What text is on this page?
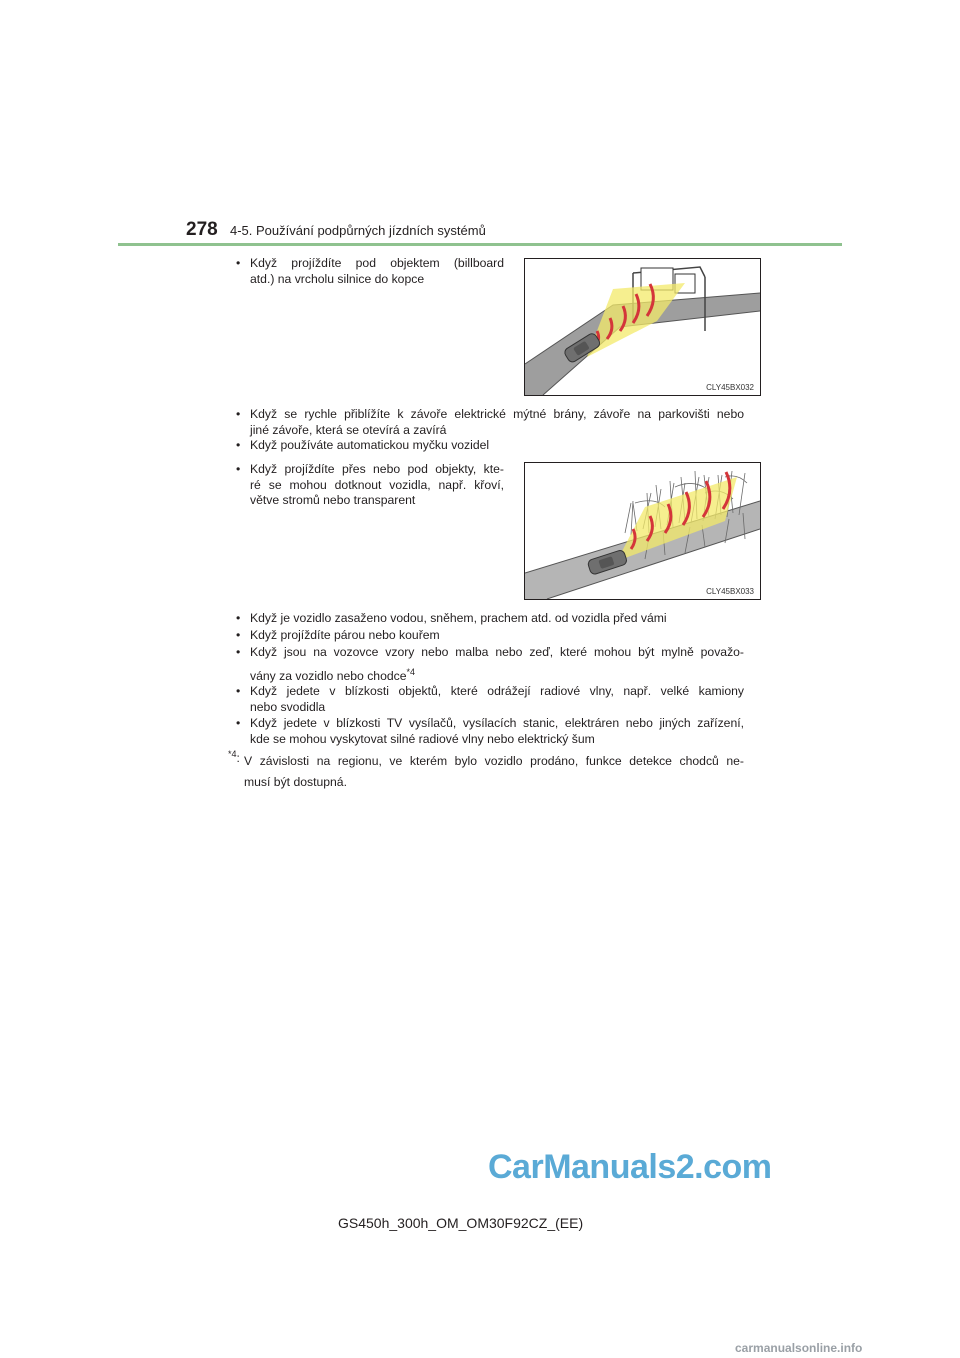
278 4-5. Používání podpůrných jízdních systémů
• Když projíždíte pod objektem (billboard
atd.) na vrcholu silnice do kopce
CLY45BX032
• Když se rychle přiblížíte k závoře elektrické mýtné brány, závoře na parkovišti nebo
jiné závoře, která se otevírá a zavírá
• Když používáte automatickou myčku vozidel
• Když projíždíte přes nebo pod objekty, kte-
ré se mohou dotknout vozidla, např. křoví,
větve stromů nebo transparent
CLY45BX033
• Když je vozidlo zasaženo vodou, sněhem, prachem atd. od vozidla před vámi
• Když projíždíte párou nebo kouřem
• Když jsou na vozovce vzory nebo malba nebo zeď, které mohou být mylně považo-
vány za vozidlo nebo chodce$^{*4}$
• Když jedete v blízkosti objektů, které odrážejí radiové vlny, např. velké kamiony
nebo svodidla
• Když jedete v blízkosti TV vysílačů, vysílacích stanic, elektráren nebo jiných zařízení,
kde se mohou vyskytovat silné radiové vlny nebo elektrický šum
$^{*4}$: V závislosti na regionu, ve kterém bylo vozidlo prodáno, funkce detekce chodců ne-
musí být dostupná.
GS450h_300h_OM_OM30F92CZ_(EE)
CarManuals2.com
carmanualsonline.info
